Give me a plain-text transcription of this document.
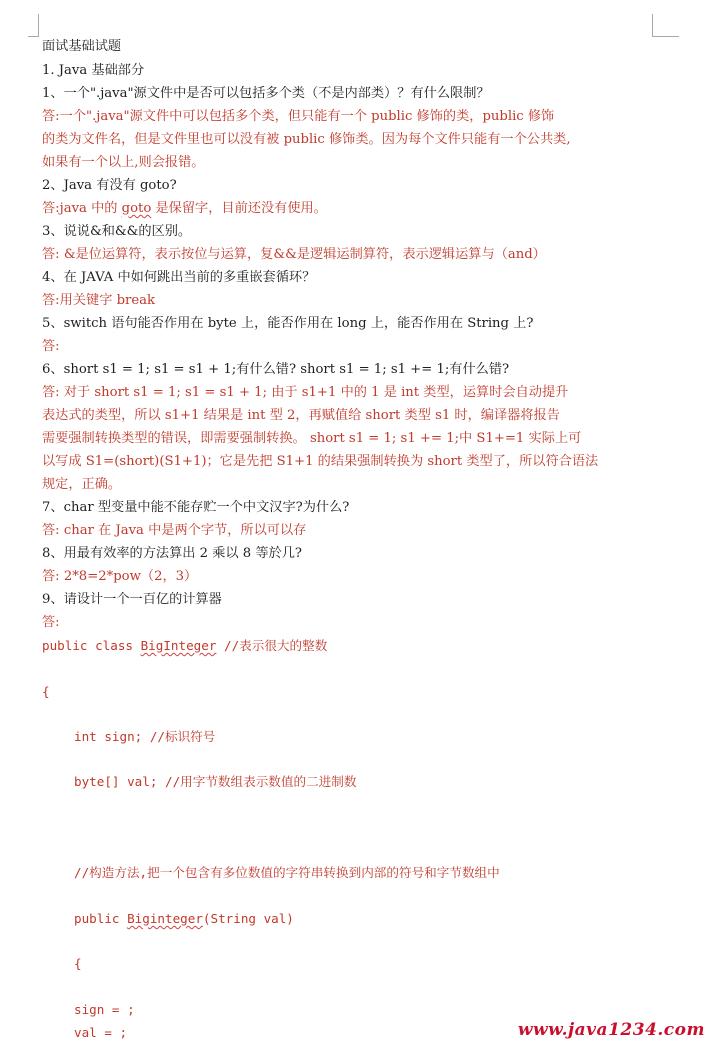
面试基础试题
1. Java 基础部分
1、一个".java"源文件中是否可以包括多个类（不是内部类）？有什么限制？
答:一个".java"源文件中可以包括多个类，但只能有一个 public 修饰的类，public 修饰
的类为文件名，但是文件里也可以没有被 public 修饰类。因为每个文件只能有一个公共类,
如果有一个以上,则会报错。
2、Java 有没有 goto?
答:java 中的 goto 是保留字，目前还没有使用。
3、说说&和&&的区别。
答: &是位运算符，表示按位与运算，复&&是逻辑运制算符，表示逻辑运算与（and）
4、在 JAVA 中如何跳出当前的多重嵌套循环？
答:用关键字 break
5、switch 语句能否作用在 byte 上，能否作用在 long 上，能否作用在 String 上?
答:
6、short s1 = 1; s1 = s1 + 1;有什么错? short s1 = 1; s1 += 1;有什么错?
答: 对于 short s1 = 1; s1 = s1 + 1; 由于 s1+1 中的 1 是 int 类型，运算时会自动提升
表达式的类型，所以 s1+1 结果是 int 型 2，再赋值给 short 类型 s1 时，编译器将报告
需要强制转换类型的错误，即需要强制转换。 short s1 = 1; s1 += 1;中 S1+=1 实际上可
以写成 S1=(short)(S1+1)；它是先把 S1+1 的结果强制转换为 short 类型了，所以符合语法
规定，正确。
7、char 型变量中能不能存贮一个中文汉字?为什么?
答: char 在 Java 中是两个字节，所以可以存
8、用最有效率的方法算出 2 乘以 8 等於几?
答: 2*8=2*pow（2，3）
9、请设计一个一百亿的计算器
答:
public class BigInteger //表示很大的整数
{
int sign; //标识符号
byte[] val; //用字节数组表示数值的二进制数
//构造方法,把一个包含有多位数值的字符串转换到内部的符号和字节数组中
public Biginteger(String val)
{
sign = ;
val = ;	www.java1234.com
